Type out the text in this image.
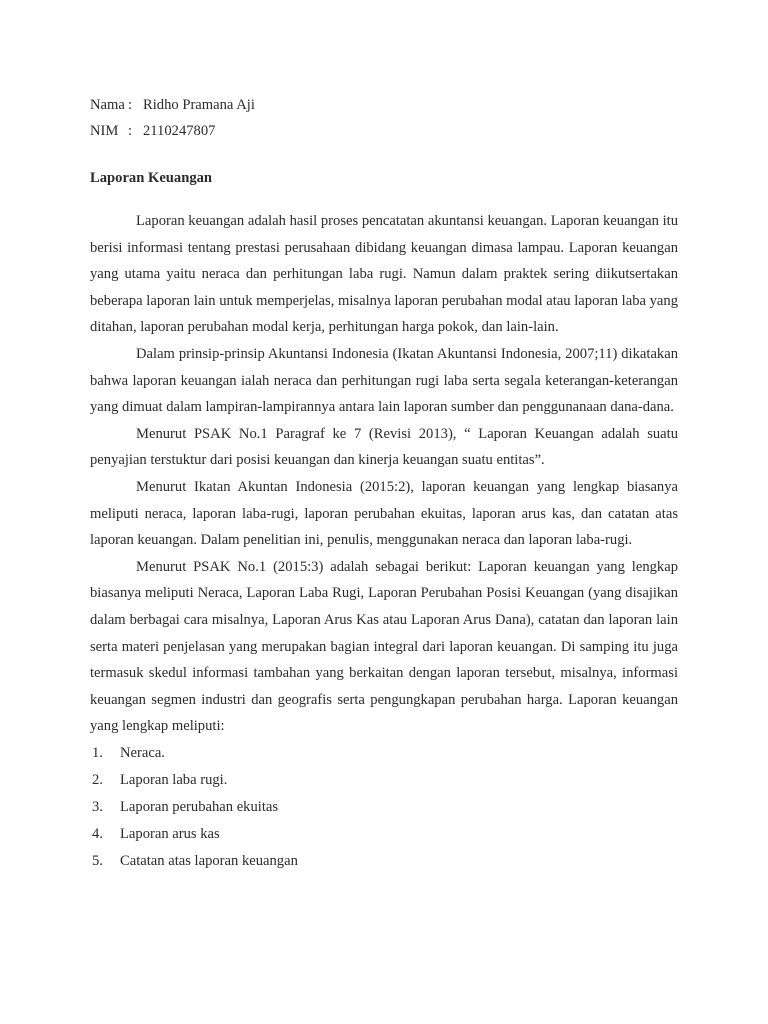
Nama : Ridho Pramana Aji
NIM : 2110247807
Laporan Keuangan

Laporan keuangan adalah hasil proses pencatatan akuntansi keuangan. Laporan keuangan itu berisi informasi tentang prestasi perusahaan dibidang keuangan dimasa lampau. Laporan keuangan yang utama yaitu neraca dan perhitungan laba rugi. Namun dalam praktek sering diikutsertakan beberapa laporan lain untuk memperjelas, misalnya laporan perubahan modal atau laporan laba yang ditahan, laporan perubahan modal kerja, perhitungan harga pokok, dan lain-lain.

Dalam prinsip-prinsip Akuntansi Indonesia (Ikatan Akuntansi Indonesia, 2007;11) dikatakan bahwa laporan keuangan ialah neraca dan perhitungan rugi laba serta segala keterangan-keterangan yang dimuat dalam lampiran-lampirannya antara lain laporan sumber dan penggunanaan dana-dana.

Menurut PSAK No.1 Paragraf ke 7 (Revisi 2013), “ Laporan Keuangan adalah suatu penyajian terstuktur dari posisi keuangan dan kinerja keuangan suatu entitas”.

Menurut Ikatan Akuntan Indonesia (2015:2), laporan keuangan yang lengkap biasanya meliputi neraca, laporan laba-rugi, laporan perubahan ekuitas, laporan arus kas, dan catatan atas laporan keuangan. Dalam penelitian ini, penulis, menggunakan neraca dan laporan laba-rugi.

Menurut PSAK No.1 (2015:3) adalah sebagai berikut: Laporan keuangan yang lengkap biasanya meliputi Neraca, Laporan Laba Rugi, Laporan Perubahan Posisi Keuangan (yang disajikan dalam berbagai cara misalnya, Laporan Arus Kas atau Laporan Arus Dana), catatan dan laporan lain serta materi penjelasan yang merupakan bagian integral dari laporan keuangan. Di samping itu juga termasuk skedul informasi tambahan yang berkaitan dengan laporan tersebut, misalnya, informasi keuangan segmen industri dan geografis serta pengungkapan perubahan harga. Laporan keuangan yang lengkap meliputi:

1.	Neraca.
2.	Laporan laba rugi.
3.	Laporan perubahan ekuitas
4.	Laporan arus kas
5.	Catatan atas laporan keuangan
